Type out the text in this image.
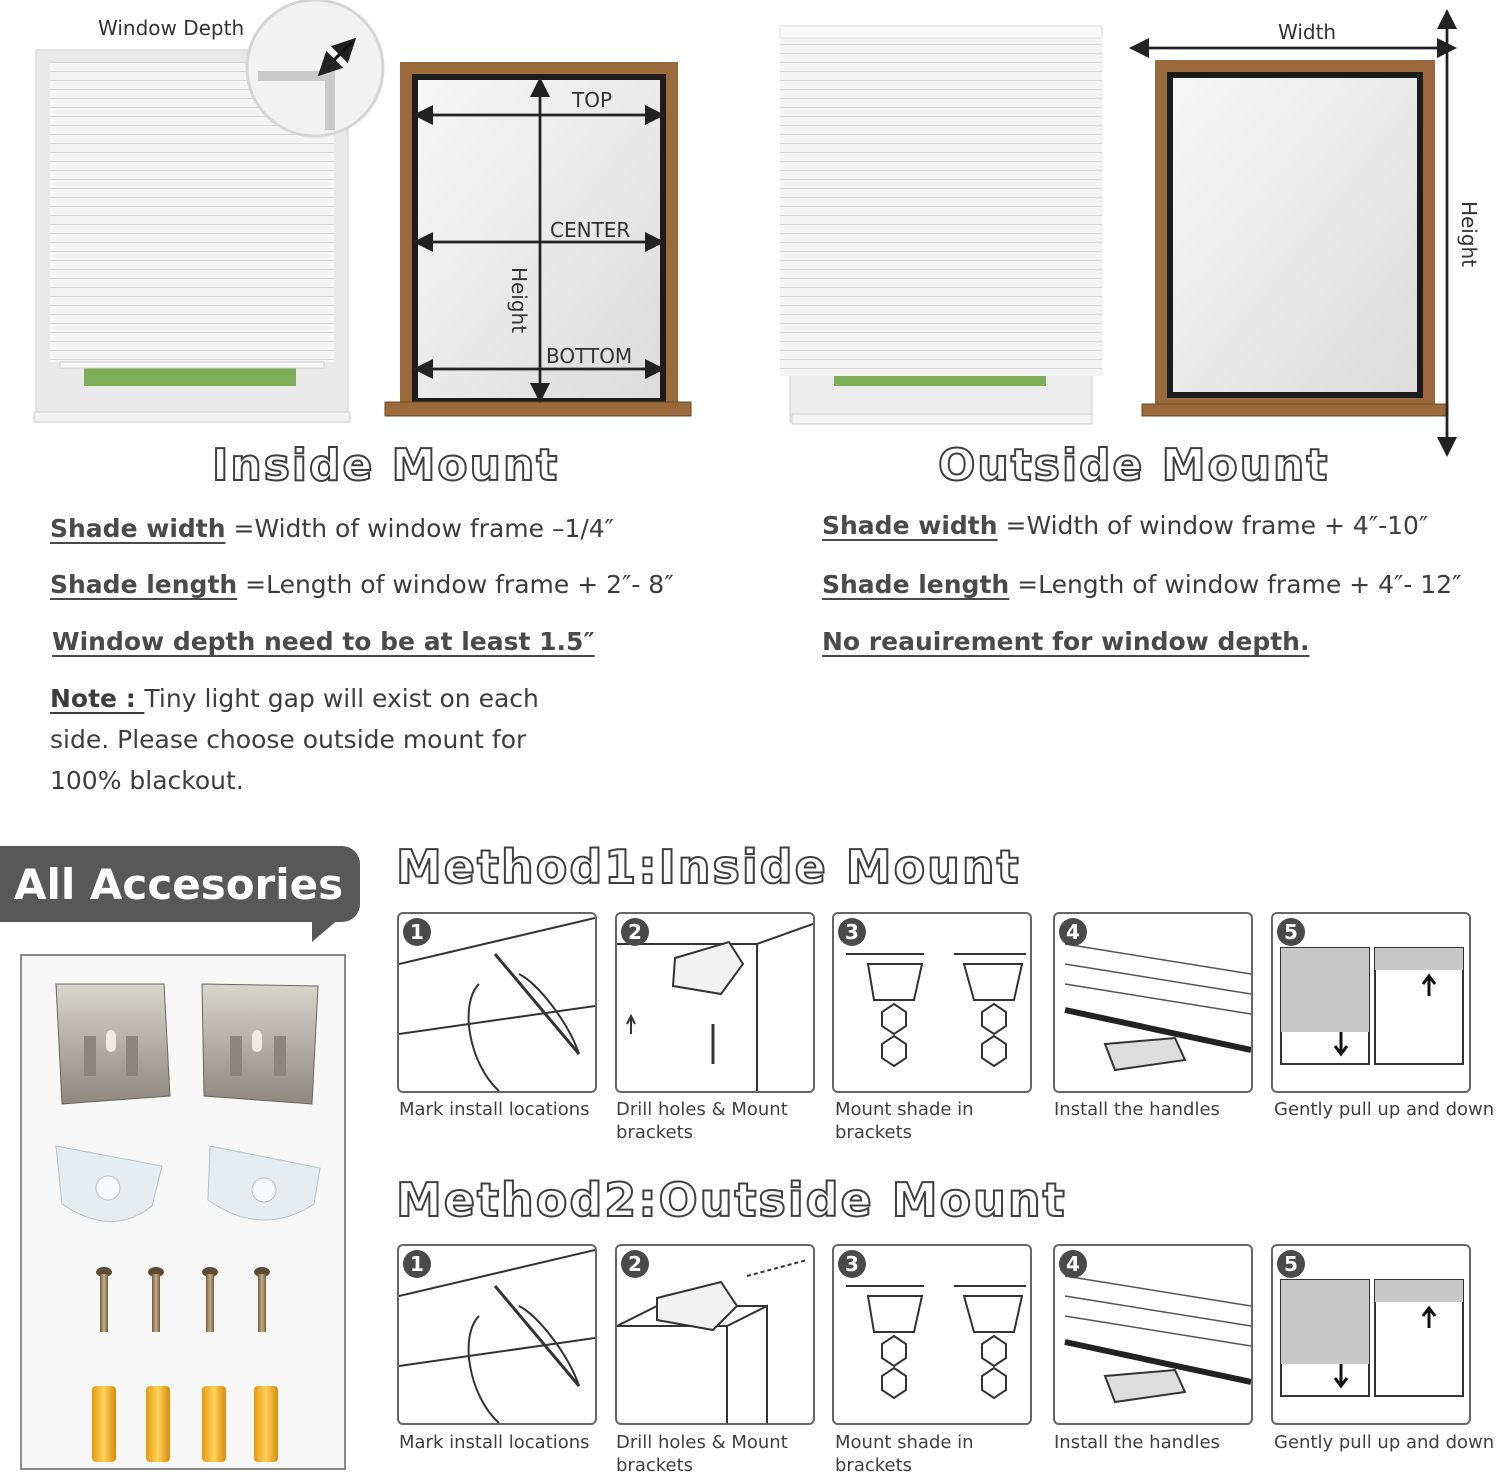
Window Depth
TOP
CENTER
BOTTOM
Height
Width
Height
Inside Mount	Outside Mount
Shade width =Width of window frame –1/4″
Shade length =Length of window frame + 2″- 8″
Window depth need to be at least 1.5″
Note : Tiny light gap will exist on each side. Please choose outside mount for 100% blackout.
Shade width =Width of window frame + 4″-10″
Shade length =Length of window frame + 4″- 12″
No reauirement for window depth.
All Accesories Method1:Inside Mount
1
Mark install locations
2
Drill holes & Mount brackets
3
Mount shade in brackets
4
Install the handles
5
Gently pull up and down
Method2:Outside Mount
1
Mark install locations
2
Drill holes & Mount brackets
3
Mount shade in brackets
4
Install the handles
5
Gently pull up and down
